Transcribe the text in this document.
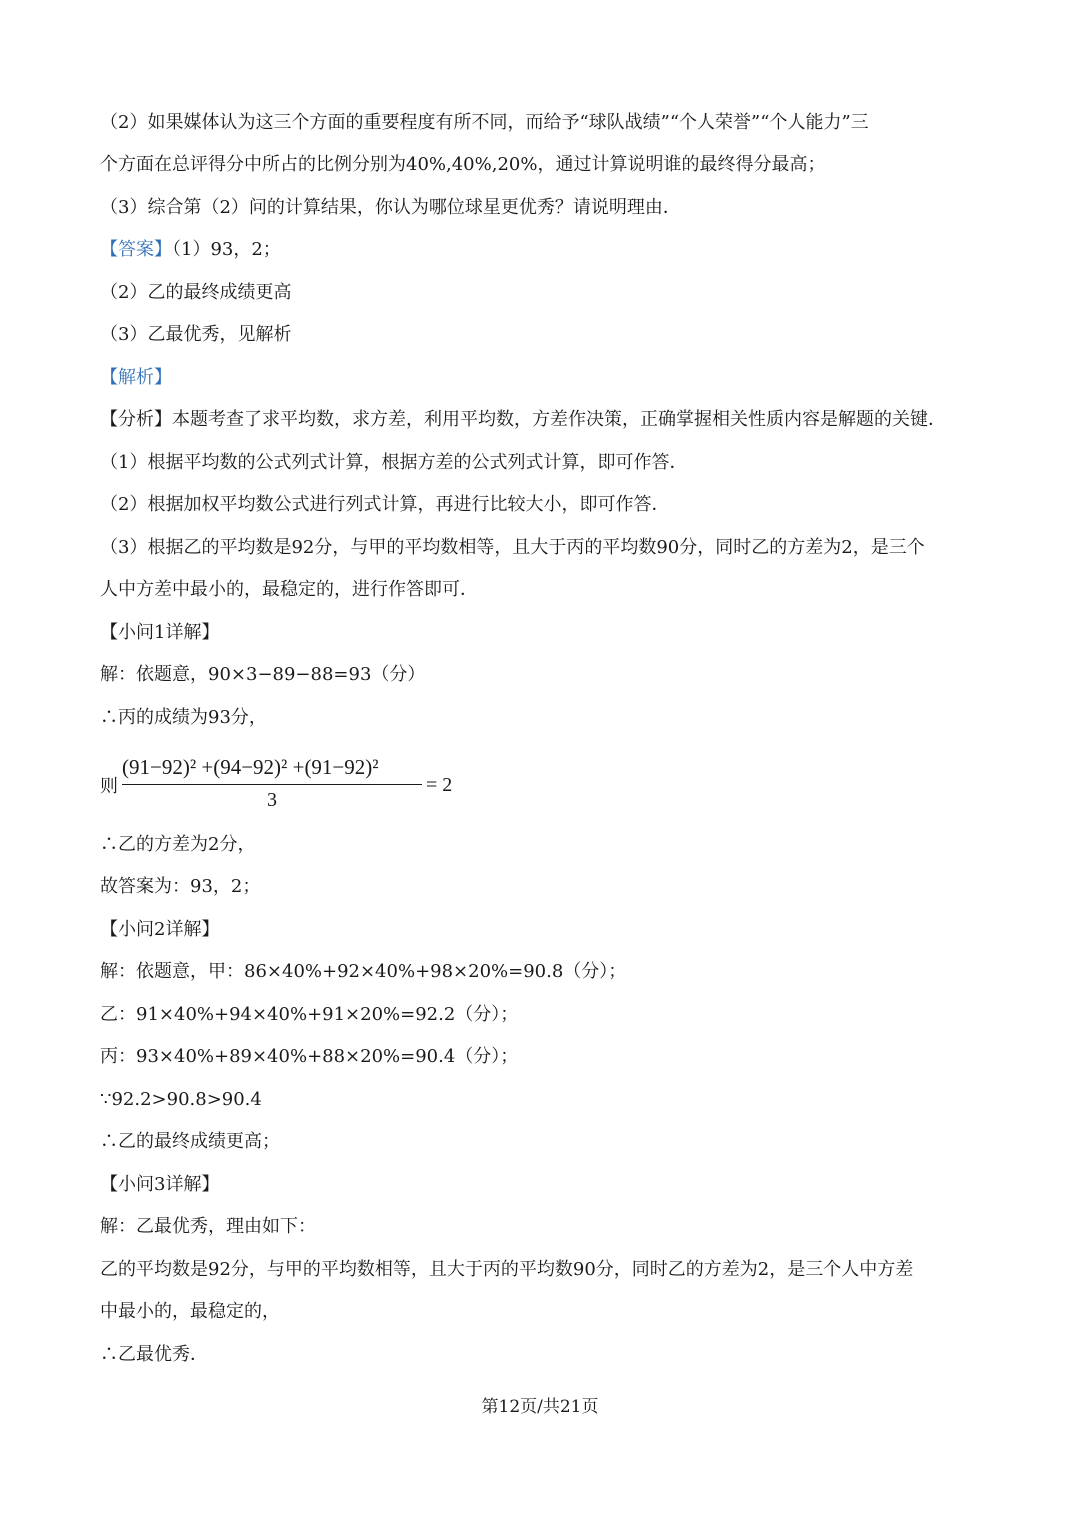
（2）如果媒体认为这三个方面的重要程度有所不同，而给予“球队战绩”“个人荣誉”“个人能力”三
个方面在总评得分中所占的比例分别为40%,40%,20%，通过计算说明谁的最终得分最高；
（3）综合第（2）问的计算结果，你认为哪位球星更优秀？请说明理由．
【答案】（1）93，2；
（2）乙的最终成绩更高
（3）乙最优秀，见解析
【解析】
【分析】本题考查了求平均数，求方差，利用平均数，方差作决策，正确掌握相关性质内容是解题的关键．
（1）根据平均数的公式列式计算，根据方差的公式列式计算，即可作答．
（2）根据加权平均数公式进行列式计算，再进行比较大小，即可作答．
（3）根据乙的平均数是92分，与甲的平均数相等，且大于丙的平均数90分，同时乙的方差为2，是三个
人中方差中最小的，最稳定的，进行作答即可．
【小问1详解】
解：依题意，90×3−89−88=93（分）
∴丙的成绩为93分，
则
(91−92)² +(94−92)² +(91−92)²
3
= 2
∴乙的方差为2分，
故答案为：93，2；
【小问2详解】
解：依题意，甲：86×40%+92×40%+98×20%=90.8（分）；
乙：91×40%+94×40%+91×20%=92.2（分）；
丙：93×40%+89×40%+88×20%=90.4（分）；
∵92.2>90.8>90.4
∴乙的最终成绩更高；
【小问3详解】
解：乙最优秀，理由如下：
乙的平均数是92分，与甲的平均数相等，且大于丙的平均数90分，同时乙的方差为2，是三个人中方差
中最小的，最稳定的，
∴乙最优秀．
第12页/共21页
